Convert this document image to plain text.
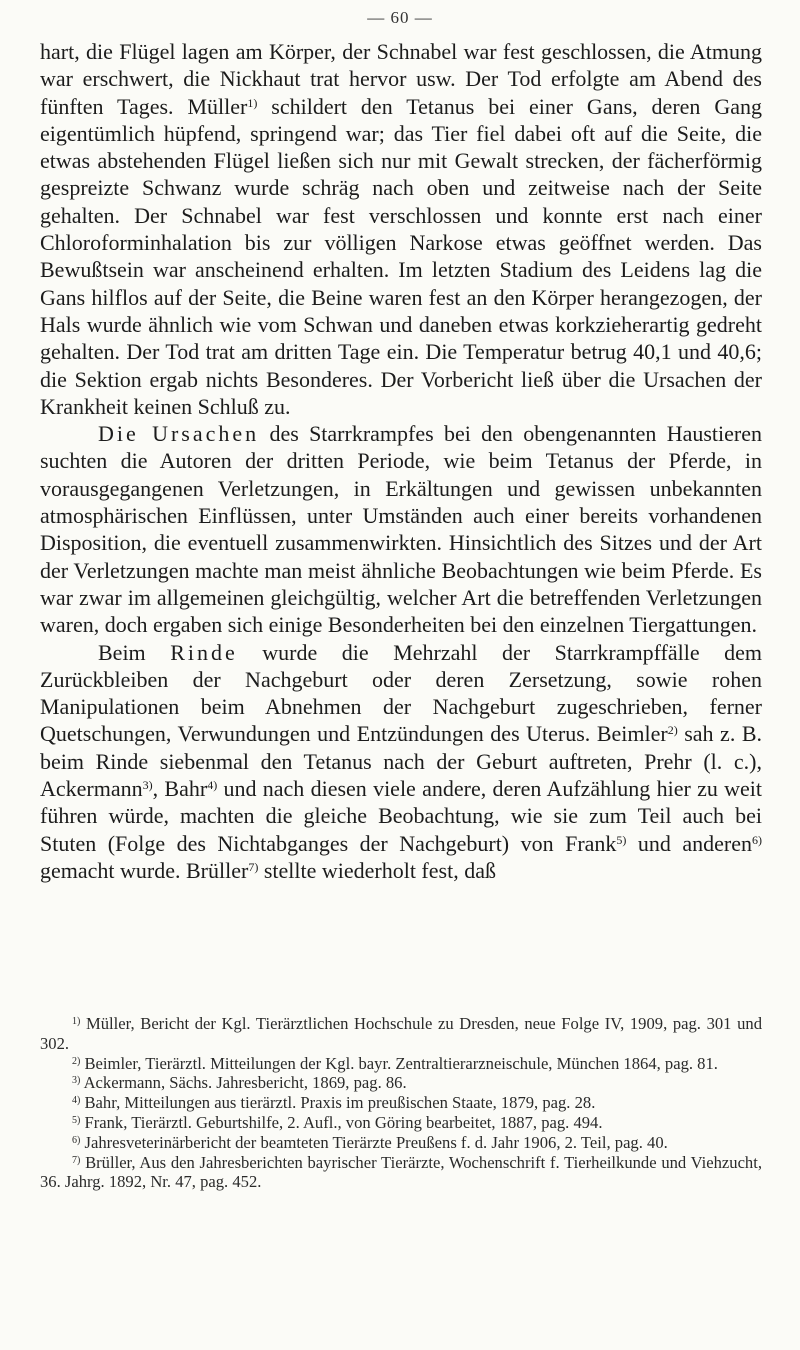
— 60 —

hart, die Flügel lagen am Körper, der Schnabel war fest geschlossen, die Atmung war erschwert, die Nickhaut trat hervor usw. Der Tod erfolgte am Abend des fünften Tages. Müller$^{1)}$ schildert den Tetanus bei einer Gans, deren Gang eigentümlich hüpfend, springend war; das Tier fiel dabei oft auf die Seite, die etwas abstehenden Flügel ließen sich nur mit Gewalt strecken, der fächerförmig gespreizte Schwanz wurde schräg nach oben und zeitweise nach der Seite gehalten. Der Schnabel war fest verschlossen und konnte erst nach einer Chloroforminhalation bis zur völligen Narkose etwas geöffnet werden. Das Bewußtsein war anscheinend erhalten. Im letzten Stadium des Leidens lag die Gans hilflos auf der Seite, die Beine waren fest an den Körper herangezogen, der Hals wurde ähnlich wie vom Schwan und daneben etwas korkzieherartig gedreht gehalten. Der Tod trat am dritten Tage ein. Die Temperatur betrug 40,1 und 40,6; die Sektion ergab nichts Besonderes. Der Vorbericht ließ über die Ursachen der Krankheit keinen Schluß zu.

Die Ursachen des Starrkrampfes bei den obengenannten Haustieren suchten die Autoren der dritten Periode, wie beim Tetanus der Pferde, in vorausgegangenen Verletzungen, in Erkältungen und gewissen unbekannten atmosphärischen Einflüssen, unter Umständen auch einer bereits vorhandenen Disposition, die eventuell zusammenwirkten. Hinsichtlich des Sitzes und der Art der Verletzungen machte man meist ähnliche Beobachtungen wie beim Pferde. Es war zwar im allgemeinen gleichgültig, welcher Art die betreffenden Verletzungen waren, doch ergaben sich einige Besonderheiten bei den einzelnen Tiergattungen.

Beim Rinde wurde die Mehrzahl der Starrkrampffälle dem Zurückbleiben der Nachgeburt oder deren Zersetzung, sowie rohen Manipulationen beim Abnehmen der Nachgeburt zugeschrieben, ferner Quetschungen, Verwundungen und Entzündungen des Uterus. Beimler$^{2)}$ sah z. B. beim Rinde siebenmal den Tetanus nach der Geburt auftreten, Prehr (l. c.), Ackermann$^{3)}$, Bahr$^{4)}$ und nach diesen viele andere, deren Aufzählung hier zu weit führen würde, machten die gleiche Beobachtung, wie sie zum Teil auch bei Stuten (Folge des Nichtabganges der Nachgeburt) von Frank$^{5)}$ und anderen$^{6)}$ gemacht wurde. Brüller$^{7)}$ stellte wiederholt fest, daß

$^{1)}$ Müller, Bericht der Kgl. Tierärztlichen Hochschule zu Dresden, neue Folge IV, 1909, pag. 301 und 302.

$^{2)}$ Beimler, Tierärztl. Mitteilungen der Kgl. bayr. Zentraltierarzneischule, München 1864, pag. 81.

$^{3)}$ Ackermann, Sächs. Jahresbericht, 1869, pag. 86.

$^{4)}$ Bahr, Mitteilungen aus tierärztl. Praxis im preußischen Staate, 1879, pag. 28.

$^{5)}$ Frank, Tierärztl. Geburtshilfe, 2. Aufl., von Göring bearbeitet, 1887, pag. 494.

$^{6)}$ Jahresveterinärbericht der beamteten Tierärzte Preußens f. d. Jahr 1906, 2. Teil, pag. 40.

$^{7)}$ Brüller, Aus den Jahresberichten bayrischer Tierärzte, Wochenschrift f. Tierheilkunde und Viehzucht, 36. Jahrg. 1892, Nr. 47, pag. 452.
